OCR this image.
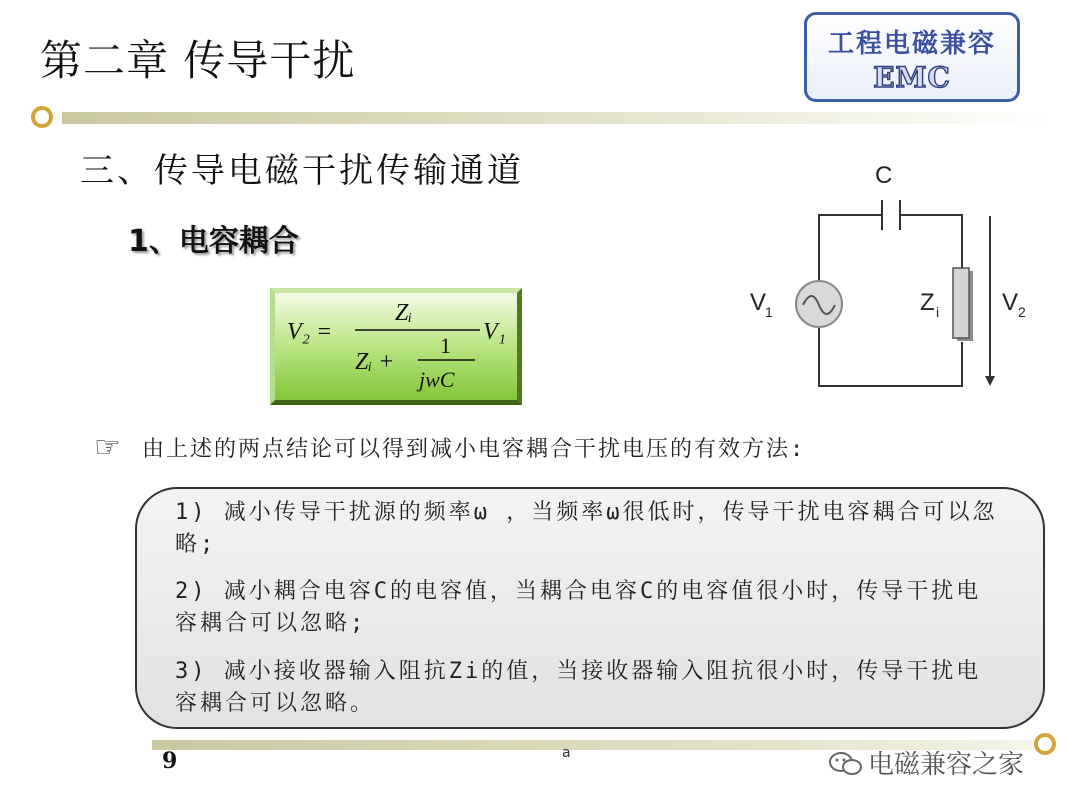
第二章 传导干扰	工程电磁兼容
EMC
三、传导电磁干扰传输通道
1、电容耦合
V₂ =
Zᵢ
Zᵢ +
1
jwC
V₁
C
V
1	Z i	V 2
☞ 由上述的两点结论可以得到减小电容耦合干扰电压的有效方法:
1) 减小传导干扰源的频率ω ，当频率ω很低时，传导干扰电容耦合可以忽略;
2) 减小耦合电容C的电容值，当耦合电容C的电容值很小时，传导干扰电容耦合可以忽略;
3) 减小接收器输入阻抗Zi的值，当接收器输入阻抗很小时，传导干扰电容耦合可以忽略。
9	a	电磁兼容之家
